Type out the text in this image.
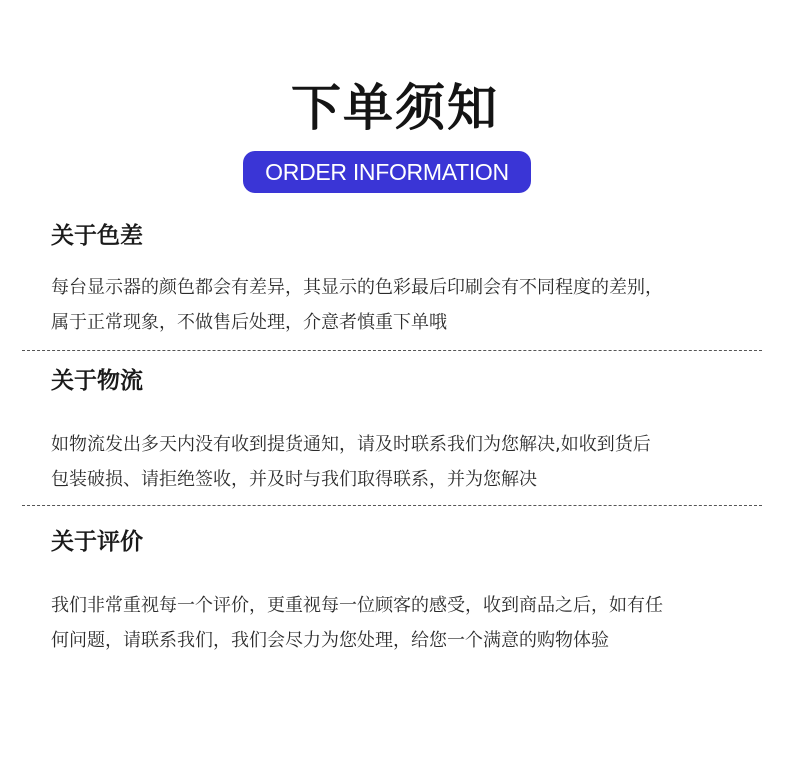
下单须知
ORDER INFORMATION
关于色差

每台显示器的颜色都会有差异，其显示的色彩最后印刷会有不同程度的差别，

属于正常现象，不做售后处理，介意者慎重下单哦

关于物流

如物流发出多天内没有收到提货通知，请及时联系我们为您解决,如收到货后

包装破损、请拒绝签收，并及时与我们取得联系，并为您解决

关于评价

我们非常重视每一个评价，更重视每一位顾客的感受，收到商品之后，如有任

何问题，请联系我们，我们会尽力为您处理，给您一个满意的购物体验
